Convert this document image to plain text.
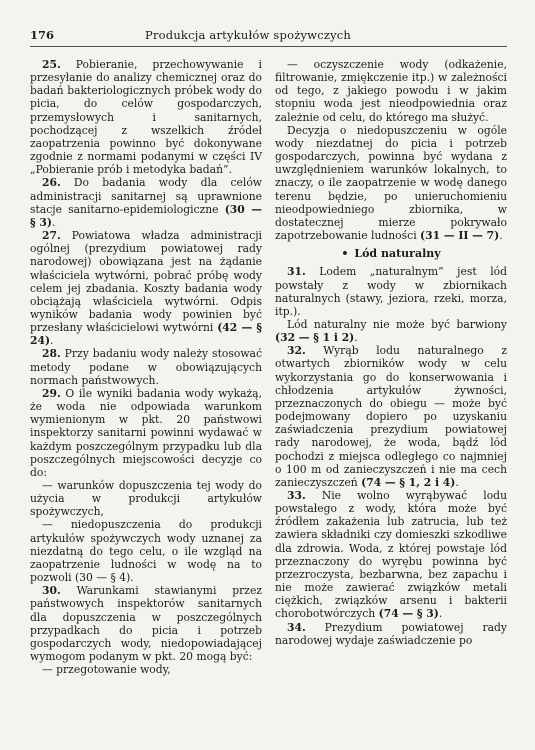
176	Produkcja artykułów spożywczych

25. Pobieranie, przechowywanie i przesyłanie do analizy chemicznej oraz do badań bakteriologicznych próbek wody do picia, do celów gospodarczych, przemysłowych i sanitarnych, pochodzącej z wszelkich źródeł zaopatrzenia powinno być dokonywane zgodnie z normami podanymi w części IV „Pobieranie prób i metodyka badań”.

26. Do badania wody dla celów administracji sanitarnej są uprawnione stacje sanitarno-epidemiologiczne (30 — § 3).

27. Powiatowa władza administracji ogólnej (prezydium powiatowej rady narodowej) obowiązana jest na żądanie właściciela wytwórni, pobrać próbę wody celem jej zbadania. Koszty badania wody obciążają właściciela wytwórni. Odpis wyników badania wody powinien być przesłany właścicielowi wytwórni (42 — § 24).

28. Przy badaniu wody należy stosować metody podane w obowiązujących normach państwowych.

29. O ile wyniki badania wody wykażą, że woda nie odpowiada warunkom wymienionym w pkt. 20 państwowi inspektorzy sanitarni powinni wydawać w każdym poszczególnym przypadku lub dla poszczególnych miejscowości decyzje co do:

— warunków dopuszczenia tej wody do użycia w produkcji artykułów spożywczych,

— niedopuszczenia do produkcji artykułów spożywczych wody uznanej za niezdatną do tego celu, o ile wzgląd na zaopatrzenie ludności w wodę na to pozwoli (30 — § 4).

30. Warunkami stawianymi przez państwowych inspektorów sanitarnych dla dopuszczenia w poszczególnych przypadkach do picia i potrzeb gospodarczych wody, niedopowiadającej wymogom podanym w pkt. 20 mogą być:

— przegotowanie wody,

— oczyszczenie wody (odkażenie, filtrowanie, zmiękczenie itp.) w zależności od tego, z jakiego powodu i w jakim stopniu woda jest nieodpowiednia oraz zależnie od celu, do którego ma służyć.

Decyzja o niedopuszczeniu w ogóle wody niezdatnej do picia i potrzeb gospodarczych, powinna być wydana z uwzględnieniem warunków lokalnych, to znaczy, o ile zaopatrzenie w wodę danego terenu będzie, po unieruchomieniu nieodpowiedniego zbiornika, w dostatecznej mierze pokrywało zapotrzebowanie ludności (31 — II — 7).

• Lód naturalny

31. Lodem „naturalnym” jest lód powstały z wody w zbiornikach naturalnych (stawy, jeziora, rzeki, morza, itp.).

Lód naturalny nie może być barwiony (32 — § 1 i 2).

32. Wyrąb lodu naturalnego z otwartych zbiorników wody w celu wykorzystania go do konserwowania i chłodzenia artykułów żywności, przeznaczonych do obiegu — może być podejmowany dopiero po uzyskaniu zaświadczenia prezydium powiatowej rady narodowej, że woda, bądź lód pochodzi z miejsca odległego co najmniej o 100 m od zanieczyszczeń i nie ma cech zanieczyszczeń (74 — § 1, 2 i 4).

33. Nie wolno wyrąbywać lodu powstałego z wody, która może być źródłem zakażenia lub zatrucia, lub też zawiera składniki czy domieszki szkodliwe dla zdrowia. Woda, z której powstaje lód przeznaczony do wyrębu powinna być przezroczysta, bezbarwna, bez zapachu i nie może zawierać związków metali ciężkich, związków arsenu i bakterii chorobotwórczych (74 — § 3).

34. Prezydium powiatowej rady narodowej wydaje zaświadczenie po
